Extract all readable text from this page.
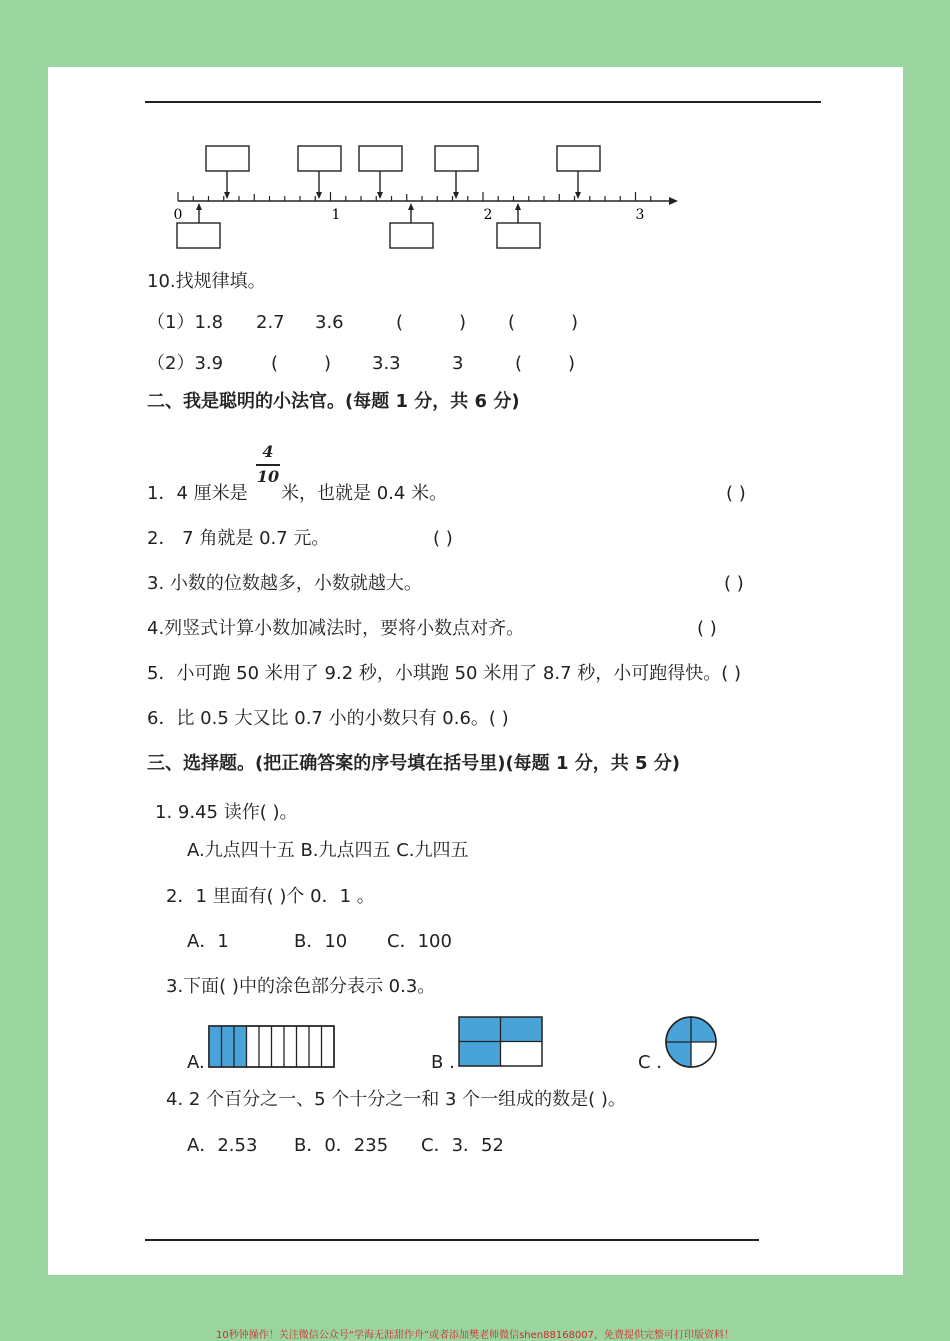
0	1	2	3
10.找规律填。
（1）1.8 2.7 3.6	(	) (	)
（2）3.9	(	) 3.3	3	(	)
二、我是聪明的小法官。(每题 1 分，共 6 分)
1．4 厘米是
4
10
米，也就是 0.4 米。	( )
2． 7 角就是 0.7 元。	( )
3. 小数的位数越多，小数就越大。	( )
4.列竖式计算小数加减法时，要将小数点对齐。	( )
5．小可跑 50 米用了 9.2 秒，小琪跑 50 米用了 8.7 秒，小可跑得快。( )
6．比 0.5 大又比 0.7 小的小数只有 0.6。( )
三、选择题。(把正确答案的序号填在括号里)(每题 1 分，共 5 分)
1. 9.45 读作( )。
A.九点四十五 B.九点四五 C.九四五
2．1 里面有( )个 0．1 。
A．1	B．10 C．100
3.下面( )中的涂色部分表示 0.3。
A.	B .	C .
4. 2 个百分之一、5 个十分之一和 3 个一组成的数是( )。
A．2.53 B．0．235 C．3．52
10秒钟操作！关注微信公众号“学海无涯甜作舟”或者添加樊老师微信shen88168007，免费提供完整可打印版资料！
